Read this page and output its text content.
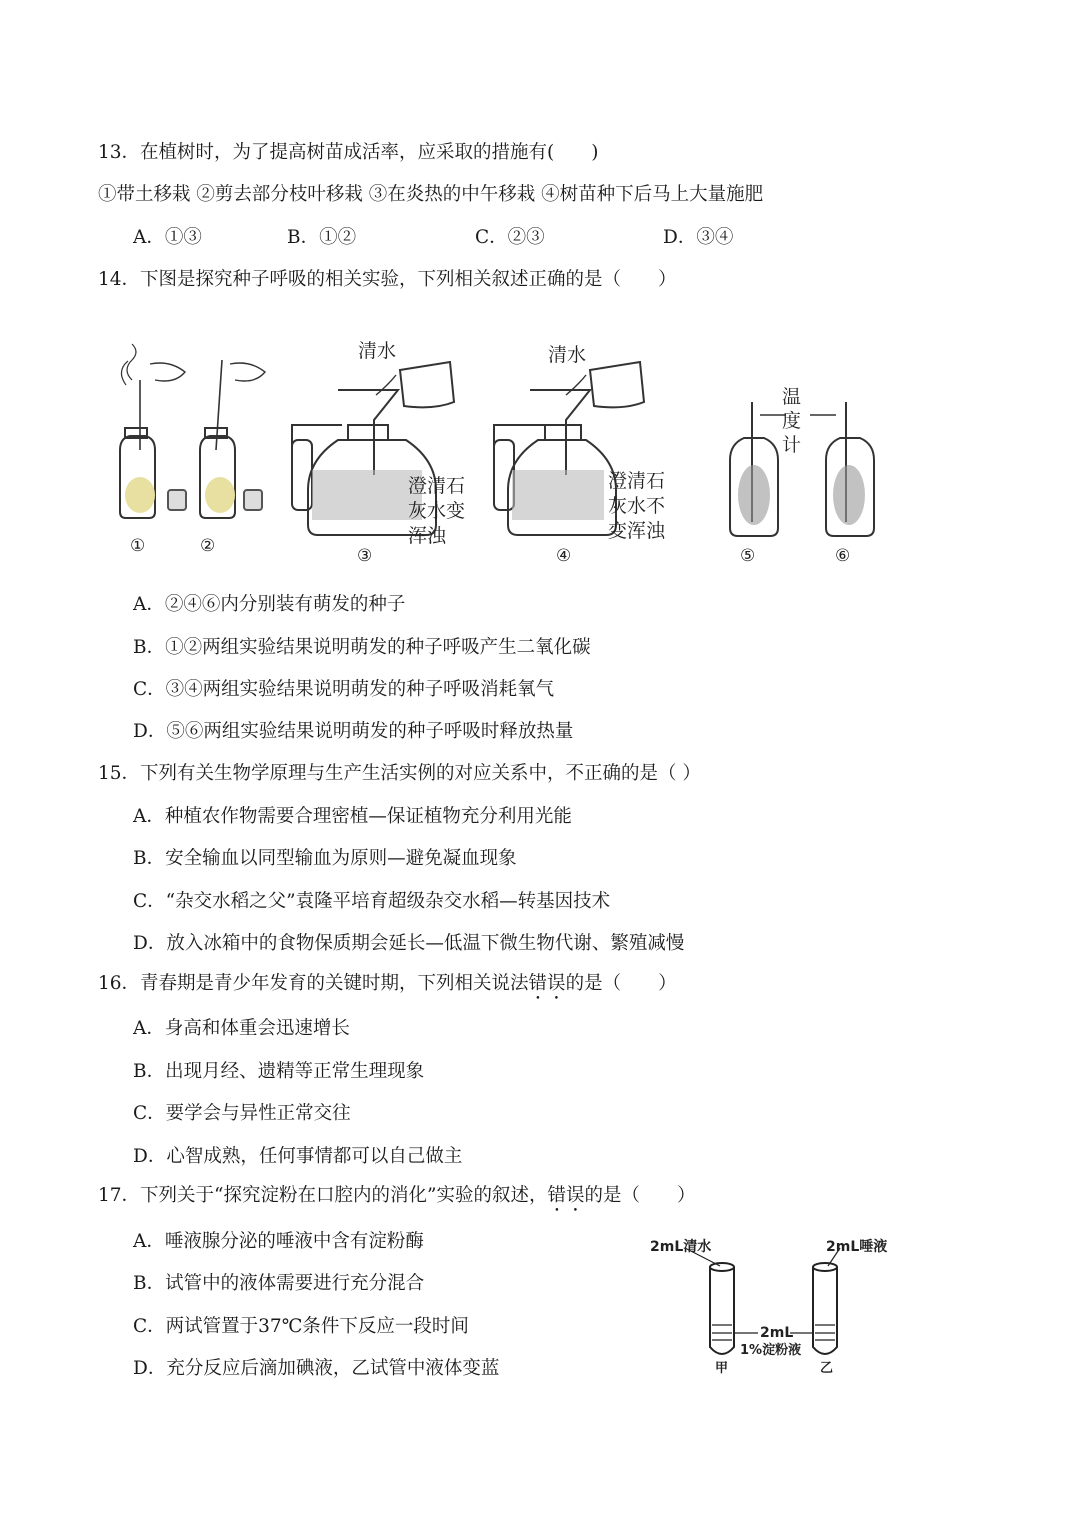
13．在植树时，为了提高树苗成活率，应采取的措施有(　　)
①带土移栽 ②剪去部分枝叶移栽 ③在炎热的中午移栽 ④树苗种下后马上大量施肥
A．①③	B．①②	C．②③	D．③④
14．下图是探究种子呼吸的相关实验，下列相关叙述正确的是（　　）
清水	清水
澄清石
灰水变
浑浊
澄清石
灰水不
变浑浊
温
度
计
①	②	③	④	⑤	⑥
A．②④⑥内分别装有萌发的种子
B．①②两组实验结果说明萌发的种子呼吸产生二氧化碳
C．③④两组实验结果说明萌发的种子呼吸消耗氧气
D．⑤⑥两组实验结果说明萌发的种子呼吸时释放热量
15．下列有关生物学原理与生产生活实例的对应关系中，不正确的是（ ）
A．种植农作物需要合理密植—保证植物充分利用光能
B．安全输血以同型输血为原则—避免凝血现象
C．“杂交水稻之父”袁隆平培育超级杂交水稻—转基因技术
D．放入冰箱中的食物保质期会延长—低温下微生物代谢、繁殖减慢
16．青春期是青少年发育的关键时期，下列相关说法错误的是（　　）
A．身高和体重会迅速增长
B．出现月经、遗精等正常生理现象
C．要学会与异性正常交往
D．心智成熟，任何事情都可以自己做主
17．下列关于“探究淀粉在口腔内的消化”实验的叙述，错误的是（　　）
A．唾液腺分泌的唾液中含有淀粉酶
B．试管中的液体需要进行充分混合
C．两试管置于37℃条件下反应一段时间
D．充分反应后滴加碘液，乙试管中液体变蓝
2mL清水	2mL唾液
2mL
1%淀粉液
甲	乙
